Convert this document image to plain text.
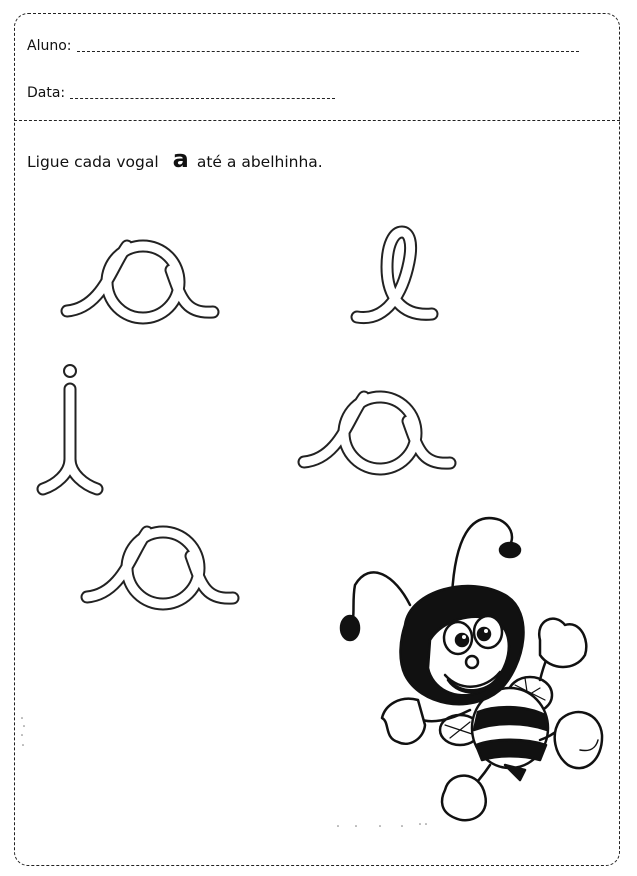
Aluno:
Data:
Ligue cada vogal a até a abelhinha.
